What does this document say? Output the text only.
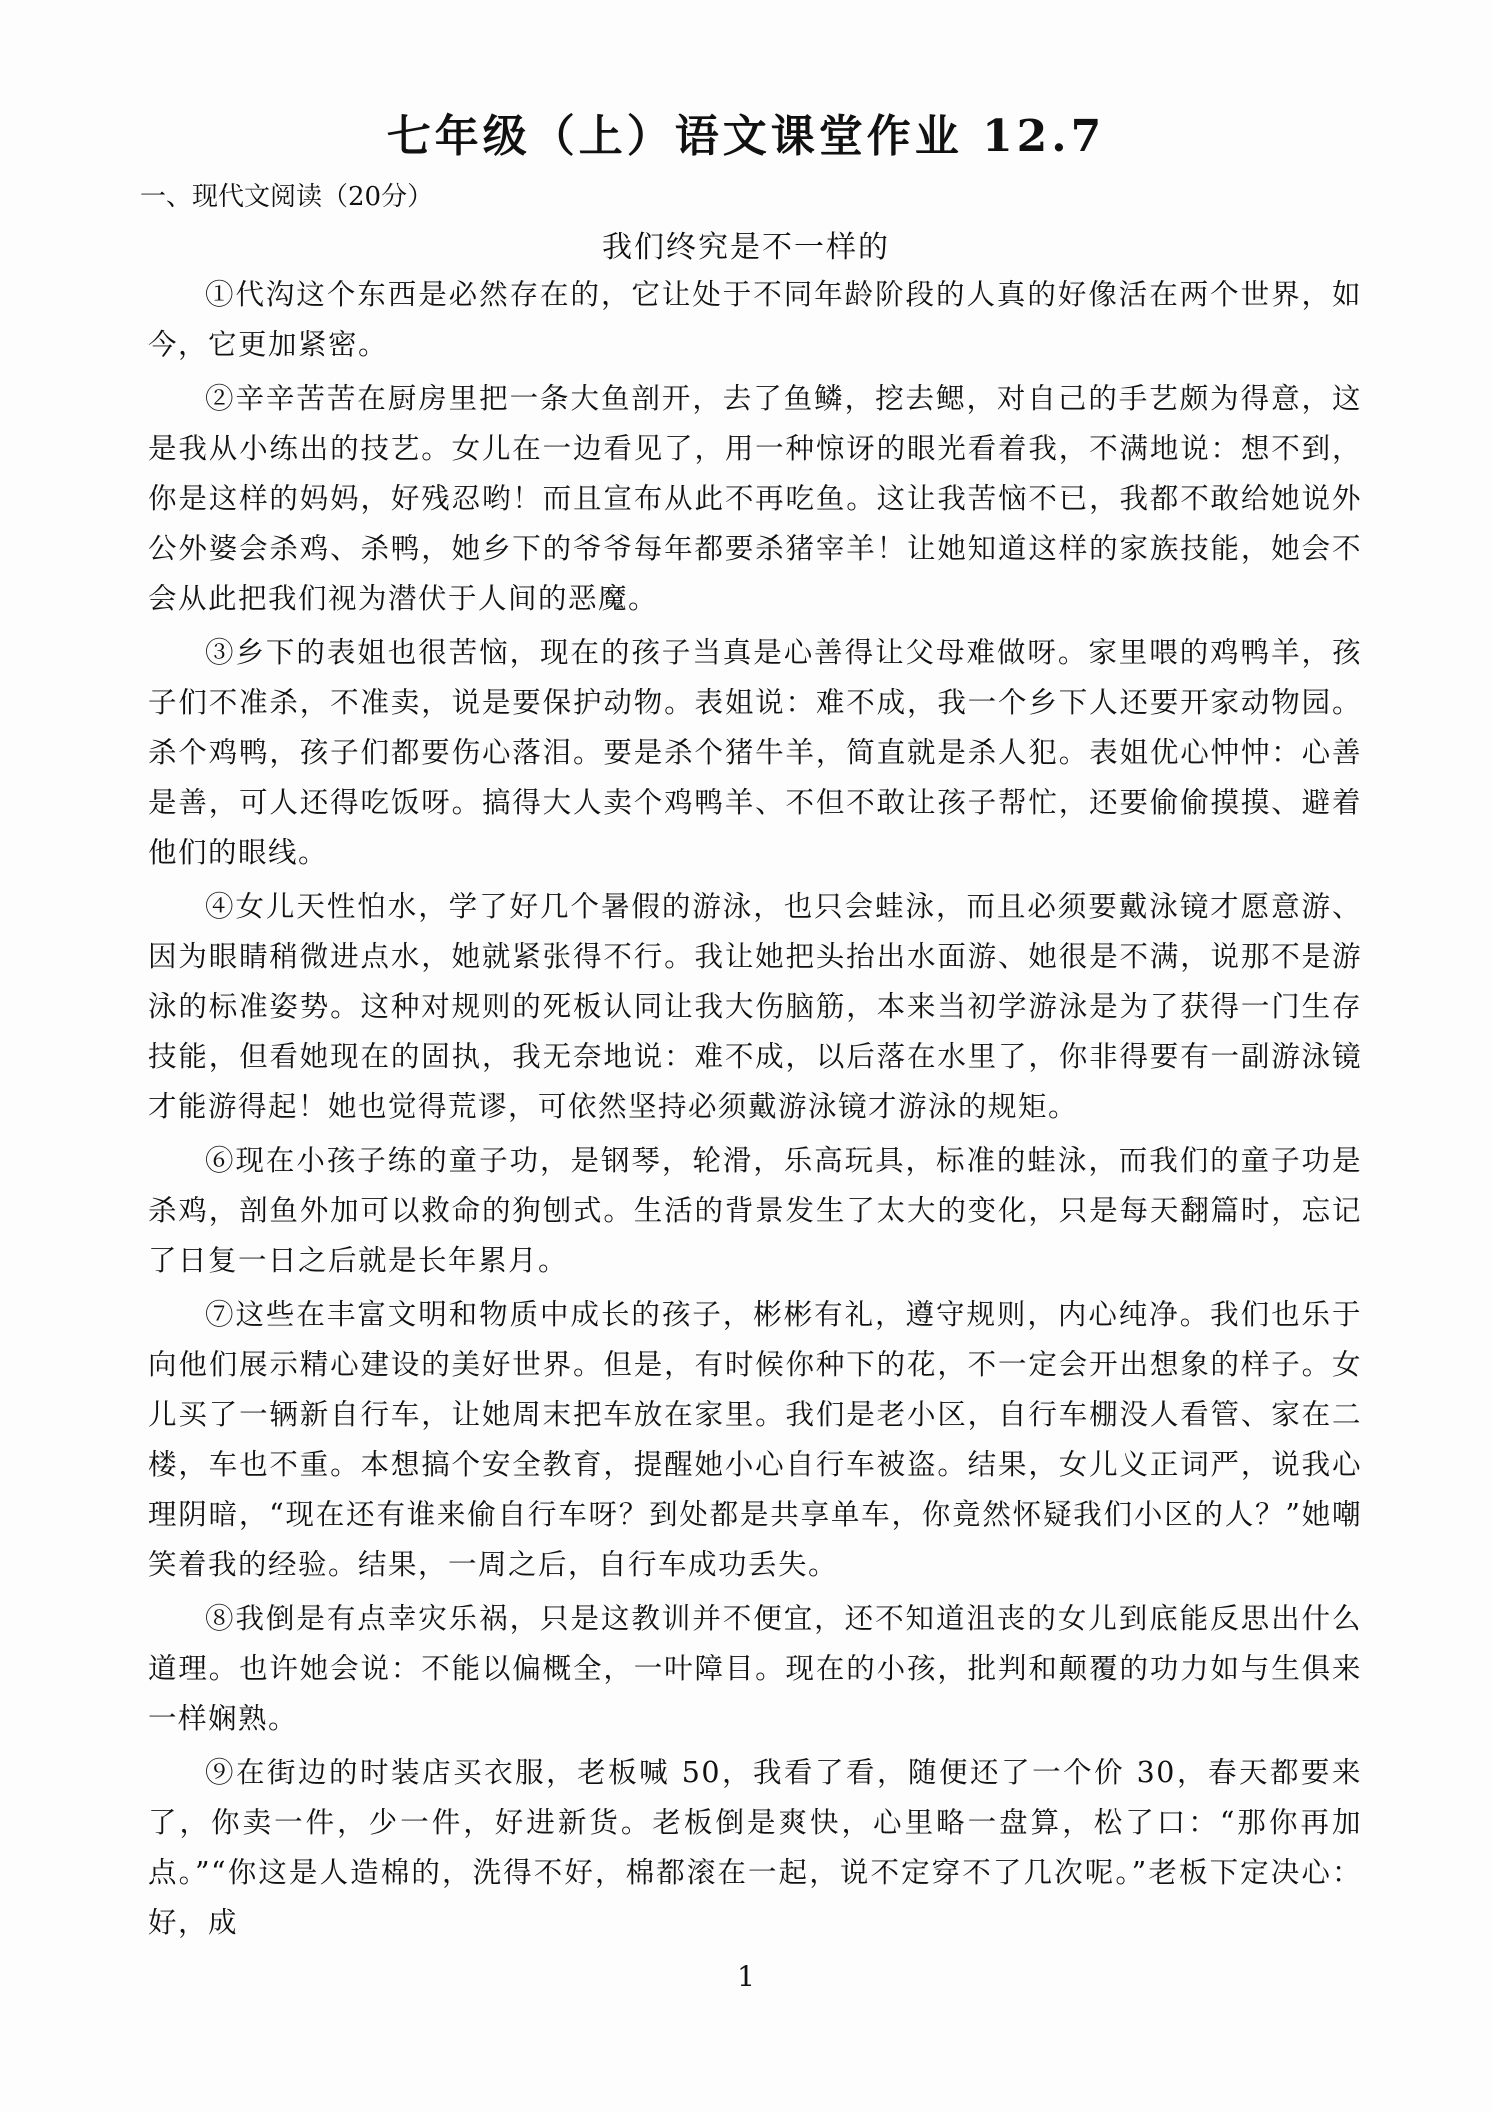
七年级（上）语文课堂作业 12.7
一、现代文阅读（20分）
我们终究是不一样的

①代沟这个东西是必然存在的，它让处于不同年龄阶段的人真的好像活在两个世界，如今，它更加紧密。

②辛辛苦苦在厨房里把一条大鱼剖开，去了鱼鳞，挖去鳃，对自己的手艺颇为得意，这是我从小练出的技艺。女儿在一边看见了，用一种惊讶的眼光看着我，不满地说：想不到，你是这样的妈妈，好残忍哟！而且宣布从此不再吃鱼。这让我苦恼不已，我都不敢给她说外公外婆会杀鸡、杀鸭，她乡下的爷爷每年都要杀猪宰羊！让她知道这样的家族技能，她会不会从此把我们视为潜伏于人间的恶魔。

③乡下的表姐也很苦恼，现在的孩子当真是心善得让父母难做呀。家里喂的鸡鸭羊，孩子们不准杀，不准卖，说是要保护动物。表姐说：难不成，我一个乡下人还要开家动物园。杀个鸡鸭，孩子们都要伤心落泪。要是杀个猪牛羊，简直就是杀人犯。表姐优心忡忡：心善是善，可人还得吃饭呀。搞得大人卖个鸡鸭羊、不但不敢让孩子帮忙，还要偷偷摸摸、避着他们的眼线。

④女儿天性怕水，学了好几个暑假的游泳，也只会蛙泳，而且必须要戴泳镜才愿意游、因为眼睛稍微进点水，她就紧张得不行。我让她把头抬出水面游、她很是不满，说那不是游泳的标准姿势。这种对规则的死板认同让我大伤脑筋，本来当初学游泳是为了获得一门生存技能，但看她现在的固执，我无奈地说：难不成，以后落在水里了，你非得要有一副游泳镜才能游得起！她也觉得荒谬，可依然坚持必须戴游泳镜才游泳的规矩。

⑥现在小孩子练的童子功，是钢琴，轮滑，乐高玩具，标准的蛙泳，而我们的童子功是杀鸡，剖鱼外加可以救命的狗刨式。生活的背景发生了太大的变化，只是每天翻篇时，忘记了日复一日之后就是长年累月。

⑦这些在丰富文明和物质中成长的孩子，彬彬有礼，遵守规则，内心纯净。我们也乐于向他们展示精心建设的美好世界。但是，有时候你种下的花，不一定会开出想象的样子。女儿买了一辆新自行车，让她周末把车放在家里。我们是老小区，自行车棚没人看管、家在二楼，车也不重。本想搞个安全教育，提醒她小心自行车被盗。结果，女儿义正词严，说我心理阴暗，“现在还有谁来偷自行车呀？到处都是共享单车，你竟然怀疑我们小区的人？”她嘲笑着我的经验。结果，一周之后，自行车成功丢失。

⑧我倒是有点幸灾乐祸，只是这教训并不便宜，还不知道沮丧的女儿到底能反思出什么道理。也许她会说：不能以偏概全，一叶障目。现在的小孩，批判和颠覆的功力如与生俱来一样娴熟。

⑨在街边的时装店买衣服，老板喊 50，我看了看，随便还了一个价 30，春天都要来了，你卖一件，少一件，好进新货。老板倒是爽快，心里略一盘算，松了口：“那你再加点。”“你这是人造棉的，洗得不好，棉都滚在一起，说不定穿不了几次呢。”老板下定决心：好，成

1
